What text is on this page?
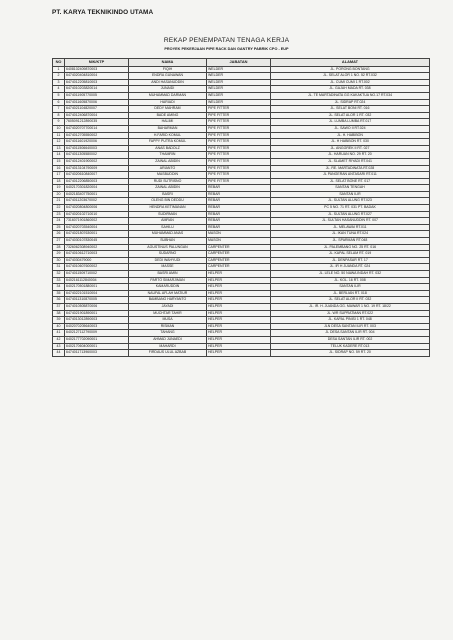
PT. KARYA TEKNIKINDO UTAMA
REKAP PENEMPATAN TENAGA KERJA
PROYEK PEKERJAAN PIPE RACK DAN GANTRY PABRIK CPO - EUP
NO	NIK/KTP	NAMA	JABATAN	ALAMAT
1	6408102409870003	FIQIH	WELDER	JL. PORONG BONTANG
2	6474020404810004	ENDRA GUNAWAN	WELDER	JL. SELAT ALOR 1 NO. 52 RT.032
3	6474012205810003	ANDI HASANUDDIN	WELDER	JL. CUMI CUMI 1 RT.002
4	6474010203820014	JUNAIDI	WELDER	JL. GAJAH MADA RT. 038
5	6474011905770005	MUHAMMAD DARMAN	WELDER	JL. TE MARTADINATA GG KAKAKTUA NO.17 RT.034
6	6474011605870006	HARIADI	WELDER	JL. SIDRAP RT.024
7	6474021104820007	DEDY MAHRAM	PIPE FITTER	JL. SELAT BONI RT. 016
8	6474012406870004	BADE AMING	PIPE FITTER	JL. SELAT ALOR 1 RT. 032
9	7605091212890035	HALIMI	PIPE FITTER	JL. LUMBA LUMBA RT.017
10	6474020707700014	BAHARMAN	PIPE FITTER	JL. SAWO II RT.024
11	6474012705550002	H.FARID KOMUL	PIPE FITTER	JL. H. HABIBON
12	6474011601920006	FAPPY PUTRA KOMUL	PIPE FITTER	JL. H HABIBON RT. 030
13	6474011506640003	ANAS BADOLZ	PIPE FITTER	JL. ANGGREK II RT. 027
14	6474011305580002	THAMRIN	PIPE FITTER	JL. HARUAN NO. 29 RT. 20
15	6474012401900002	ZAINAL ABIDIN	PIPE FITTER	JL. SLAMET RIYADI RT.041
16	6474013104790009	ARIANTO	PIPE FITTER	JL. RE. MARTADINATA RT.028
17	6474020610840007	MASBUDDIN	PIPE FITTER	JL PANGERAN ANTASARI RT.011
18	6474012206850003	RUDI SUTRISNO	PIPE FITTER	JL. SELAT BONE RT. 017
19	6402170301820004	ZAINAL ABIDIN	REBAR	SANTAN TENGAH
20	6402183407750001	BASRI	REBAR	SANTAN ILIR
21	6474011203670002	OLENG BIN DEDDU	REBAR	JL. SULTAN ALUNG RT.023
22	6474020804800006	HENDRA KETIMANAN	REBAR	PC 5 NO. 71 RT. 031 PT. BADAK
23	6474020102710010	SUDIRMAN	REBAR	JL. SULTAN ALUNG RT.027
24	7316071901860002	AMRAN	REBAR	JL. SULTAN HASANUDDIN RT. 007
25	6474020703540004	SAHILU	REBAR	JL. MELAWAI RT.011
26	6474021807630001	MUHAMMAD ANAS	MASON	JL. IKAN TUNA RT.024
27	6474030107830045	SUBHAN	MASON	JL. SPARMAN RT.048
28	7326062308940002	AGUSTINUS PALUNGAN	CARPENTER	JL. PALEMBANG NO. 25 RT. 016
29	6474010612710003	SUDARNO	CARPENTER	JL. KAPAL SELAM RT. 019
30	6474030479000	DEDI WAHYUDI	CARPENTER	JL. DENPASAR RT. 17
31	6474010607600002	MASSE	CARPENTER	JL. IR H JUANDA RT. 024
32	6474011509710002	BASRI AMIN	HELPER	JL. LELE NO. 50 NAWA INDAH RT. 032
33	6402161112840004	PARTO SIMARJIMAN	HELPER	JL. KOL. 16 RT. 008
34	6402170501880001	KAMARUDDIN	HELPER	SANTAN ILIR
35	6474022101510004	NAUFAL AFLAH MATIUR	HELPER	JL. BERLIAN RT. 018
36	6474011310870005	BAMBANG HARYANTO	HELPER	JL. SELAT ALOR II RT. 032
37	6474010505870006	JAYADI	HELPER	JL. IR. H. JUANDA GG. MAWAR 1 NO. 19 RT. 18/22
38	6474021901890001	MUCHTAR TAHIR	HELPER	JL. WR SUPRATMAN RT.022
39	6474013012890003	MUSA	HELPER	JL. KAPAL PINISI 1 RT. 048
40	6402070205640003	RISMAN	HELPER	JLN DESA SANTAN ILIR RT. 003
41	6402127112790009	TAHANG	HELPER	JL DESA SANTAN ILIR RT. 004
42	6402177702090001	AHMAD JUNAEDI	HELPER	DESA SANTAN ILIR RT. 002
43	6402170604000001	MAHARDI	HELPER	TELUK KADERE RT.013
44	6474011713960003	FIRDAUS ULUL AZBAB	HELPER	JL. SIDRAP NO. 59 RT. 20
